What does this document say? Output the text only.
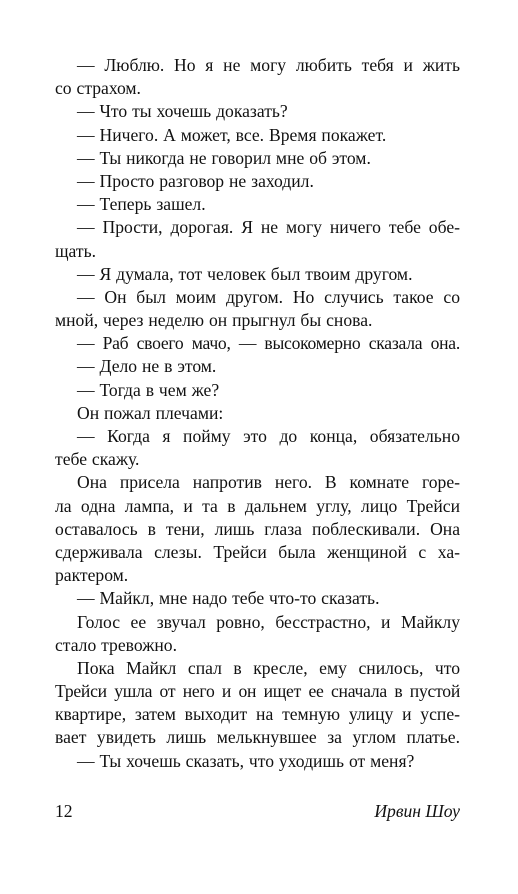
— Люблю. Но я не могу любить тебя и жить
со страхом.
— Что ты хочешь доказать?
— Ничего. А может, все. Время покажет.
— Ты никогда не говорил мне об этом.
— Просто разговор не заходил.
— Теперь зашел.
— Прости, дорогая. Я не могу ничего тебе обе-
щать.
— Я думала, тот человек был твоим другом.
— Он был моим другом. Но случись такое со
мной, через неделю он прыгнул бы снова.
— Раб своего мачо, — высокомерно сказала она.
— Дело не в этом.
— Тогда в чем же?
Он пожал плечами:
— Когда я пойму это до конца, обязательно
тебе скажу.
Она присела напротив него. В комнате горе-
ла одна лампа, и та в дальнем углу, лицо Трейси
оставалось в тени, лишь глаза поблескивали. Она
сдерживала слезы. Трейси была женщиной с ха-
рактером.
— Майкл, мне надо тебе что-то сказать.
Голос ее звучал ровно, бесстрастно, и Майклу
стало тревожно.
Пока Майкл спал в кресле, ему снилось, что
Трейси ушла от него и он ищет ее сначала в пустой
квартире, затем выходит на темную улицу и успе-
вает увидеть лишь мелькнувшее за углом платье.
— Ты хочешь сказать, что уходишь от меня?
12	Ирвин Шоу
